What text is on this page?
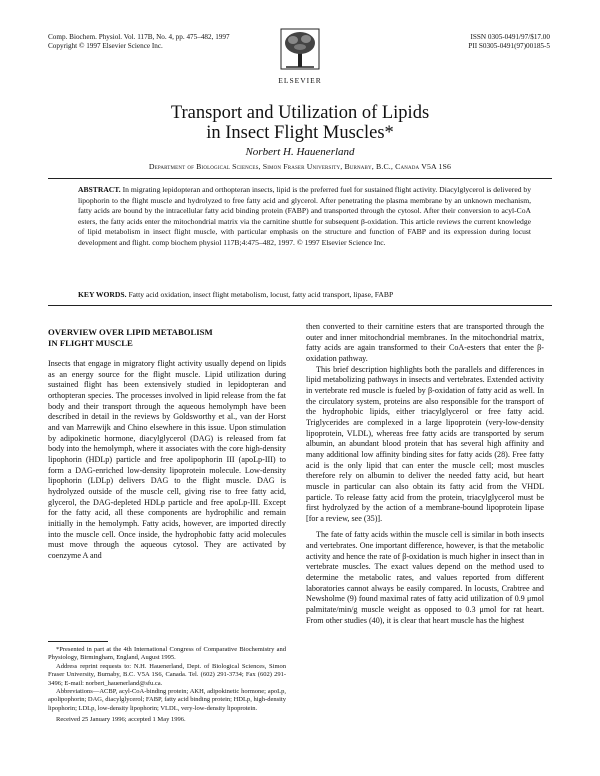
Comp. Biochem. Physiol. Vol. 117B, No. 4, pp. 475–482, 1997
Copyright © 1997 Elsevier Science Inc.
ELSEVIER
ISSN 0305-0491/97/$17.00
PII S0305-0491(97)00185-5
Transport and Utilization of Lipids
in Insect Flight Muscles*
Norbert H. Hauenerland
Department of Biological Sciences, Simon Fraser University, Burnaby, B.C., Canada V5A 1S6
ABSTRACT. In migrating lepidopteran and orthopteran insects, lipid is the preferred fuel for sustained flight activity. Diacylglycerol is delivered by lipophorin to the flight muscle and hydrolyzed to free fatty acid and glycerol. After penetrating the plasma membrane by an unknown mechanism, fatty acids are bound by the intracellular fatty acid binding protein (FABP) and transported through the cytosol. After their conversion to acyl-CoA esters, the fatty acids enter the mitochondrial matrix via the carnitine shuttle for subsequent β-oxidation. This article reviews the current knowledge of lipid metabolism in insect flight muscle, with particular emphasis on the structure and function of FABP and its expression during locust development and flight. comp biochem physiol 117B;4:475–482, 1997. © 1997 Elsevier Science Inc.
KEY WORDS. Fatty acid oxidation, insect flight metabolism, locust, fatty acid transport, lipase, FABP
OVERVIEW OVER LIPID METABOLISM
IN FLIGHT MUSCLE

Insects that engage in migratory flight activity usually depend on lipids as an energy source for the flight muscle. Lipid utilization during sustained flight has been extensively studied in lepidopteran and orthopteran species. The processes involved in lipid release from the fat body and their transport through the aqueous hemolymph have been described in detail in the reviews by Goldsworthy et al., van der Horst and van Marrewijk and Chino elsewhere in this issue. Upon stimulation by adipokinetic hormone, diacylglycerol (DAG) is released from fat body into the hemolymph, where it associates with the core high-density lipophorin (HDLp) particle and free apolipophorin III (apoLp-III) to form a DAG-enriched low-density lipoprotein molecule. Low-density lipophorin (LDLp) delivers DAG to the flight muscle. DAG is hydrolyzed outside of the muscle cell, giving rise to free fatty acid, glycerol, the DAG-depleted HDLp particle and free apoLp-III. Except for the fatty acid, all these components are hydrophilic and remain initially in the hemolymph. Fatty acids, however, are imported directly into the muscle cell. Once inside, the hydrophobic fatty acid molecules must move through the aqueous cytosol. They are activated by coenzyme A and

*Presented in part at the 4th International Congress of Comparative Biochemistry and Physiology, Birmingham, England, August 1995.

Address reprint requests to: N.H. Hauenerland, Dept. of Biological Sciences, Simon Fraser University, Burnaby, B.C. V5A 1S6, Canada. Tel. (602) 291-3734; Fax (602) 291-3496; E-mail: norbert_hauenerland@sfu.ca.

Abbreviations—ACBP, acyl-CoA-binding protein; AKH, adipokinetic hormone; apoLp, apolipophorin; DAG, diacylglycerol; FABP, fatty acid binding protein; HDLp, high-density lipophorin; LDLp, low-density lipophorin; VLDL, very-low-density lipoprotein.

Received 25 January 1996; accepted 1 May 1996.

then converted to their carnitine esters that are transported through the outer and inner mitochondrial membranes. In the mitochondrial matrix, fatty acids are again transformed to their CoA-esters that enter the β-oxidation pathway.

This brief description highlights both the parallels and differences in lipid metabolizing pathways in insects and vertebrates. Extended activity in vertebrate red muscle is fueled by β-oxidation of fatty acid as well. In the circulatory system, proteins are also responsible for the transport of the hydrophobic lipids, either triacylglycerol or free fatty acid. Triglycerides are complexed in a large lipoprotein (very-low-density lipoprotein, VLDL), whereas free fatty acids are transported by serum albumin, an abundant blood protein that has several high affinity and many additional low affinity binding sites for fatty acids (28). Free fatty acid is the only lipid that can enter the muscle cell; most muscles therefore rely on albumin to deliver the needed fatty acid, but heart muscle in particular can also obtain its fatty acid from the VHDL particle. To release fatty acid from the protein, triacylglycerol must be first hydrolyzed by the action of a membrane-bound lipoprotein lipase [for a review, see (35)].

The fate of fatty acids within the muscle cell is similar in both insects and vertebrates. One important difference, however, is that the metabolic activity and hence the rate of β-oxidation is much higher in insect than in vertebrate muscles. The exact values depend on the method used to determine the metabolic rates, and values reported from different laboratories cannot always be easily compared. In locusts, Crabtree and Newsholme (9) found maximal rates of fatty acid utilization of 0.9 μmol palmitate/min/g muscle weight as opposed to 0.3 μmol for rat heart. From other studies (40), it is clear that heart muscle has the highest
